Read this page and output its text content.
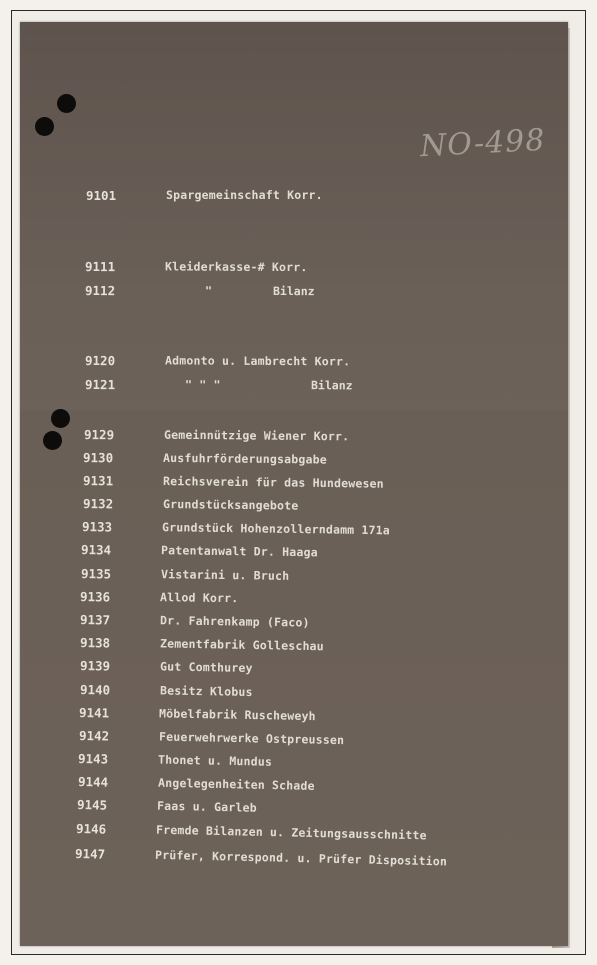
NO-498
9101	Spargemeinschaft Korr.
9111	Kleiderkasse-# Korr.
9112	"	Bilanz
9120	Admonto u. Lambrecht Korr.
9121	" " "	Bilanz
9129	Gemeinnützige Wiener Korr.
9130	Ausfuhrförderungsabgabe
9131	Reichsverein für das Hundewesen
9132	Grundstücksangebote
9133	Grundstück Hohenzollerndamm 171a
9134	Patentanwalt Dr. Haaga
9135	Vistarini u. Bruch
9136	Allod Korr.
9137	Dr. Fahrenkamp (Faco)
9138	Zementfabrik Golleschau
9139	Gut Comthurey
9140	Besitz Klobus
9141	Möbelfabrik Ruscheweyh
9142	Feuerwehrwerke Ostpreussen
9143	Thonet u. Mundus
9144	Angelegenheiten Schade
9145	Faas u. Garleb
9146	Fremde Bilanzen u. Zeitungsausschnitte
9147	Prüfer, Korrespond. u. Prüfer Disposition
